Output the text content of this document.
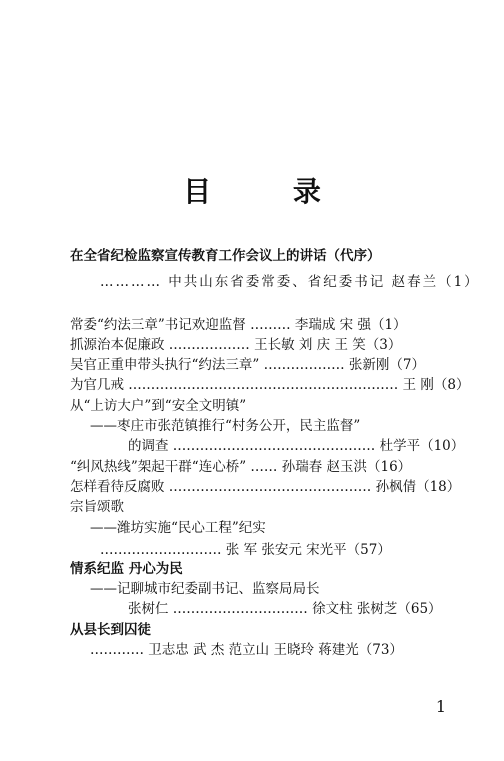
目 录
在全省纪检监察宣传教育工作会议上的讲话（代序）
………… 中共山东省委常委、省纪委书记 赵春兰（1）
常委“约法三章”书记欢迎监督 ……… 李瑞成 宋 强（1）
抓源治本促廉政 ……………… 王长敏 刘 庆 王 笑（3）
吴官正重申带头执行“约法三章” ……………… 张新刚（7）
为官几戒 …………………………………………………… 王 刚（8）
从“上访大户”到“安全文明镇”
——枣庄市张范镇推行“村务公开，民主监督”
的调查 ……………………………………… 杜学平（10）
“纠风热线”架起干群“连心桥” …… 孙瑞春 赵玉洪（16）
怎样看待反腐败 ……………………………………… 孙枫倩（18）
宗旨颂歌
——潍坊实施“民心工程”纪实
……………………… 张 军 张安元 宋光平（57）
情系纪监 丹心为民
——记聊城市纪委副书记、监察局局长
张树仁 ………………………… 徐文柱 张树芝（65）
从县长到囚徒
………… 卫志忠 武 杰 范立山 王晓玲 蒋建光（73）
1
